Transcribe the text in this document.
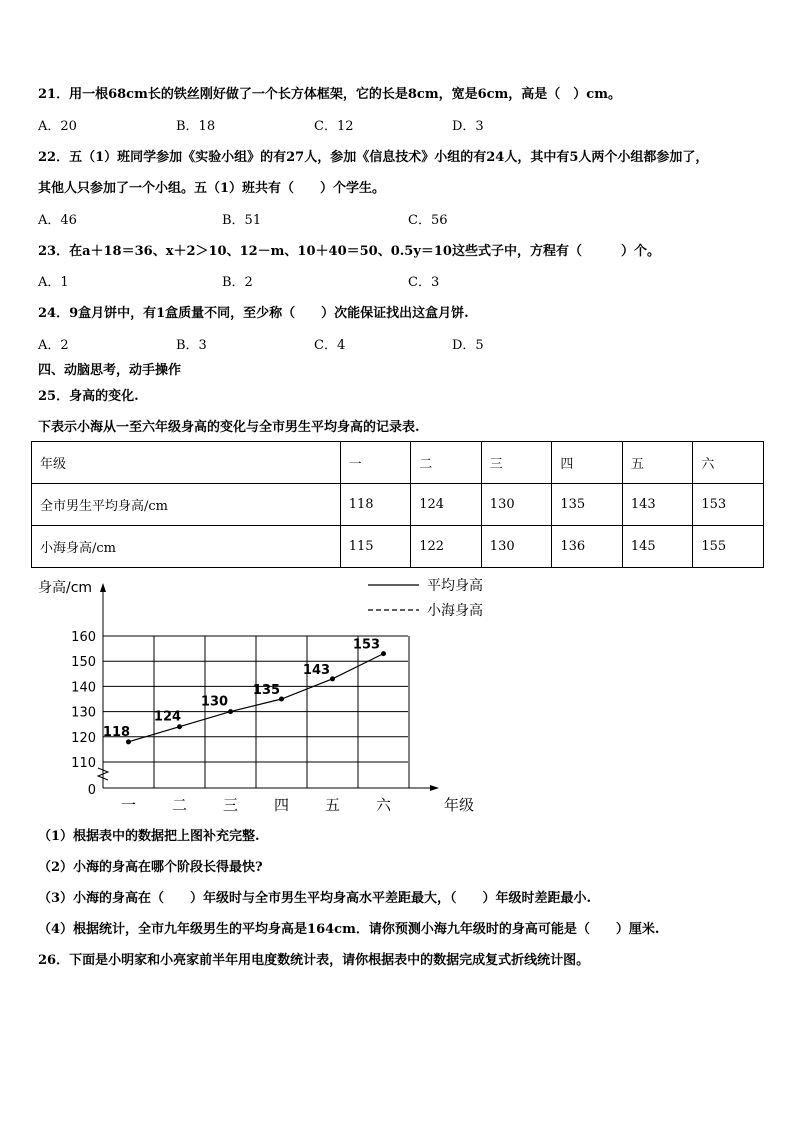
21．用一根68cm长的铁丝刚好做了一个长方体框架，它的长是8cm，宽是6cm，高是（　）cm。
A．20	B．18	C．12	D．3
22．五（1）班同学参加《实验小组》的有27人，参加《信息技术》小组的有24人，其中有5人两个小组都参加了，
其他人只参加了一个小组。五（1）班共有（　　）个学生。
A．46	B．51	C．56
23．在a＋18＝36、x＋2＞10、12－m、10＋40＝50、0.5y＝10这些式子中，方程有（　　　）个。
A．1	B．2	C．3
24．9盒月饼中，有1盒质量不同，至少称（　　）次能保证找出这盒月饼.
A．2	B．3	C．4	D．5
四、动脑思考，动手操作
25．身高的变化.
下表示小海从一至六年级身高的变化与全市男生平均身高的记录表.
年级	一	二	三	四	五	六
全市男生平均身高/cm	118	124	130	135	143	153
小海身高/cm	115	122	130	136	145	155
身高/cm
160
150
140
130
120
110
0
一 二 三 四 五 六	年级
平均身高
小海身高
118
124
130
135
143
153
（1）根据表中的数据把上图补充完整.
（2）小海的身高在哪个阶段长得最快?
（3）小海的身高在（　　）年级时与全市男生平均身高水平差距最大，（　　）年级时差距最小.
（4）根据统计，全市九年级男生的平均身高是164cm．请你预测小海九年级时的身高可能是（　　）厘米.
26．下面是小明家和小亮家前半年用电度数统计表，请你根据表中的数据完成复式折线统计图。
